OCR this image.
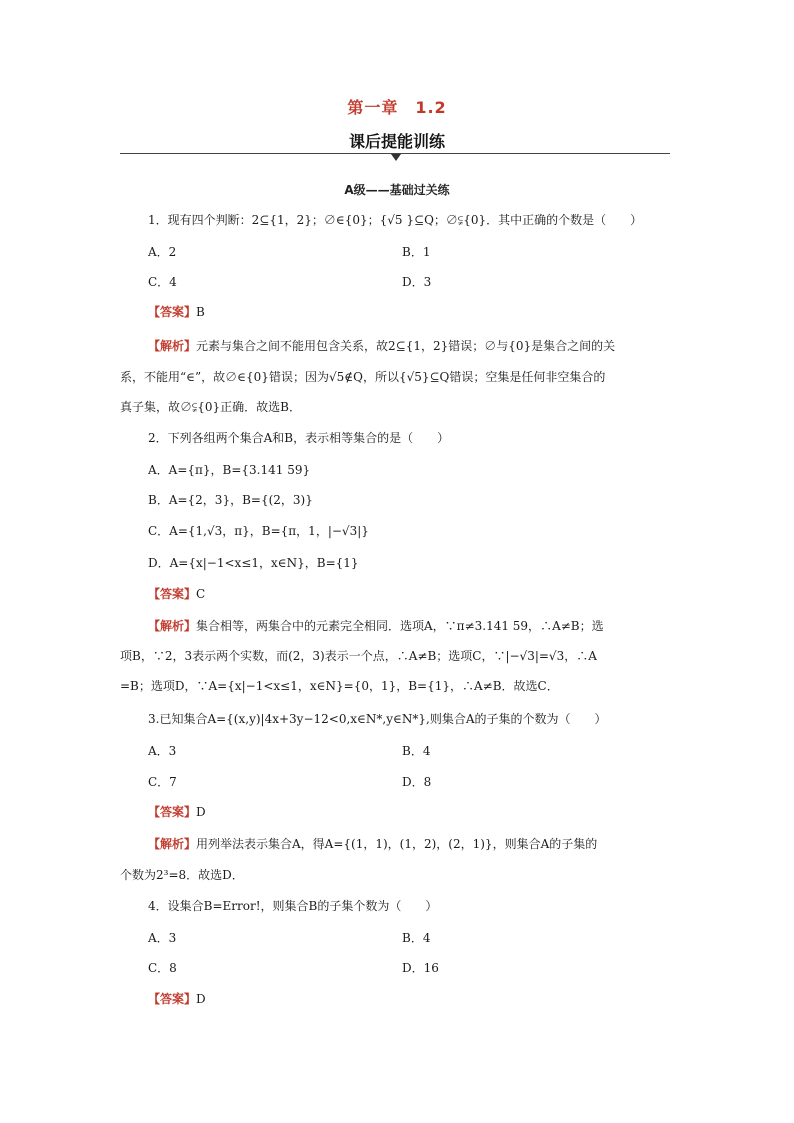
第一章　1.2
课后提能训练
A级——基础过关练
1．现有四个判断：2⊆{1，2}；∅∈{0}；{√5 }⊆Q；∅⫋{0}．其中正确的个数是（　　）
A．2	B．1
C．4	D．3
【答案】B
【解析】元素与集合之间不能用包含关系，故2⊆{1，2}错误；∅与{0}是集合之间的关
系，不能用“∈”，故∅∈{0}错误；因为√5∉Q，所以{√5}⊆Q错误；空集是任何非空集合的
真子集，故∅⫋{0}正确．故选B．
2．下列各组两个集合A和B，表示相等集合的是（　　）
A．A={π}，B={3.141 59}
B．A={2，3}，B={(2，3)}
C．A={1,√3，π}，B={π，1，|−√3|}
D．A={x|−1<x≤1，x∈N}，B={1}
【答案】C
【解析】集合相等，两集合中的元素完全相同．选项A，∵π≠3.141 59，∴A≠B；选
项B，∵2，3表示两个实数，而(2，3)表示一个点，∴A≠B；选项C，∵|−√3|=√3，∴A
=B；选项D，∵A={x|−1<x≤1，x∈N}={0，1}，B={1}，∴A≠B．故选C．
3.已知集合A={(x,y)|4x+3y−12<0,x∈N*,y∈N*},则集合A的子集的个数为（　　）
A．3	B．4
C．7	D．8
【答案】D
【解析】用列举法表示集合A，得A={(1，1)，(1，2)，(2，1)}，则集合A的子集的
个数为2³=8．故选D．
4．设集合B=Error!，则集合B的子集个数为（　　）
A．3	B．4
C．8	D．16
【答案】D
